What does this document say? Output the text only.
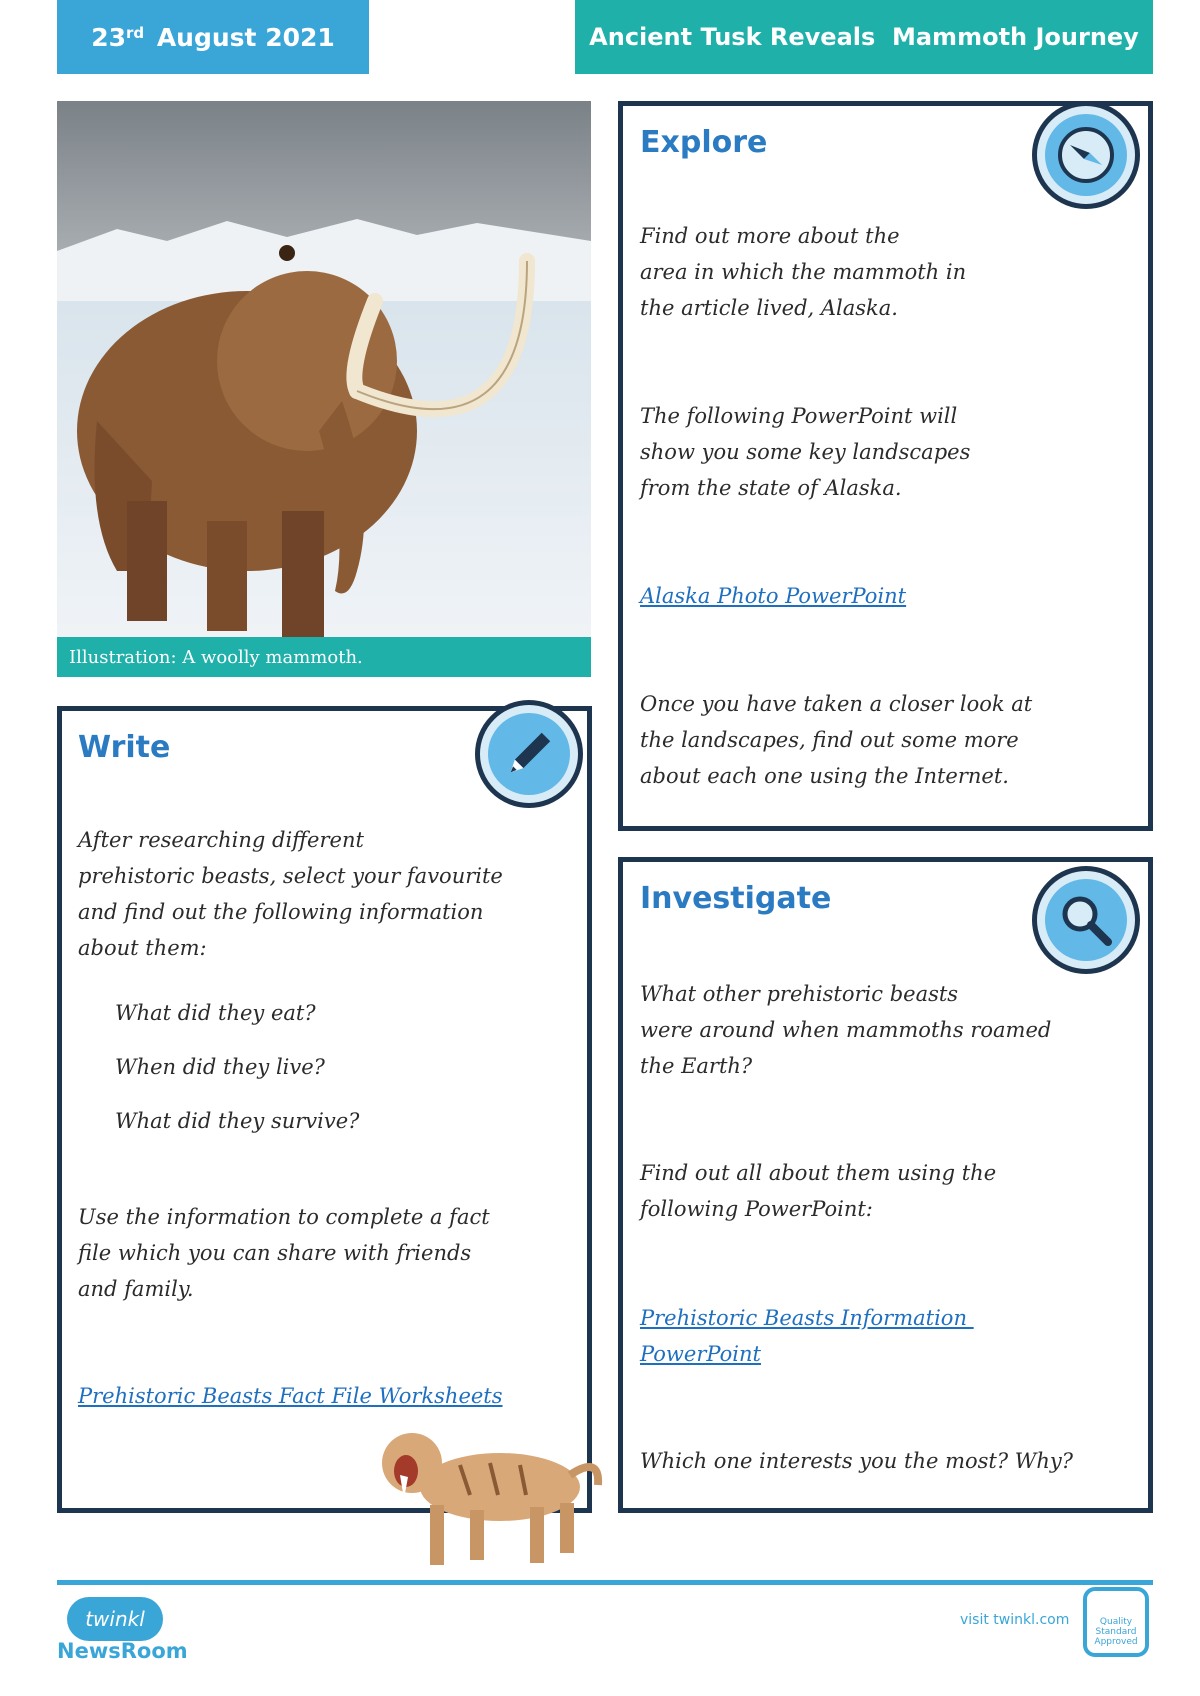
23rd August 2021	Ancient Tusk Reveals  Mammoth Journey
Illustration: A woolly mammoth.
Write
After researching different
prehistoric beasts, select your favourite
and find out the following information
about them:
What did they eat?
When did they live?
What did they survive?
Use the information to complete a fact
file which you can share with friends
and family.
Prehistoric Beasts Fact File Worksheets
Explore
Find out more about the
area in which the mammoth in
the article lived, Alaska.
The following PowerPoint will
show you some key landscapes
from the state of Alaska.
Alaska Photo PowerPoint
Once you have taken a closer look at
the landscapes, find out some more
about each one using the Internet.
Investigate
What other prehistoric beasts
were around when mammoths roamed
the Earth?
Find out all about them using the
following PowerPoint:
Prehistoric Beasts Information
PowerPoint
Which one interests you the most? Why?
twinkl
NewsRoom
visit twinkl.com	Quality Standard Approved
